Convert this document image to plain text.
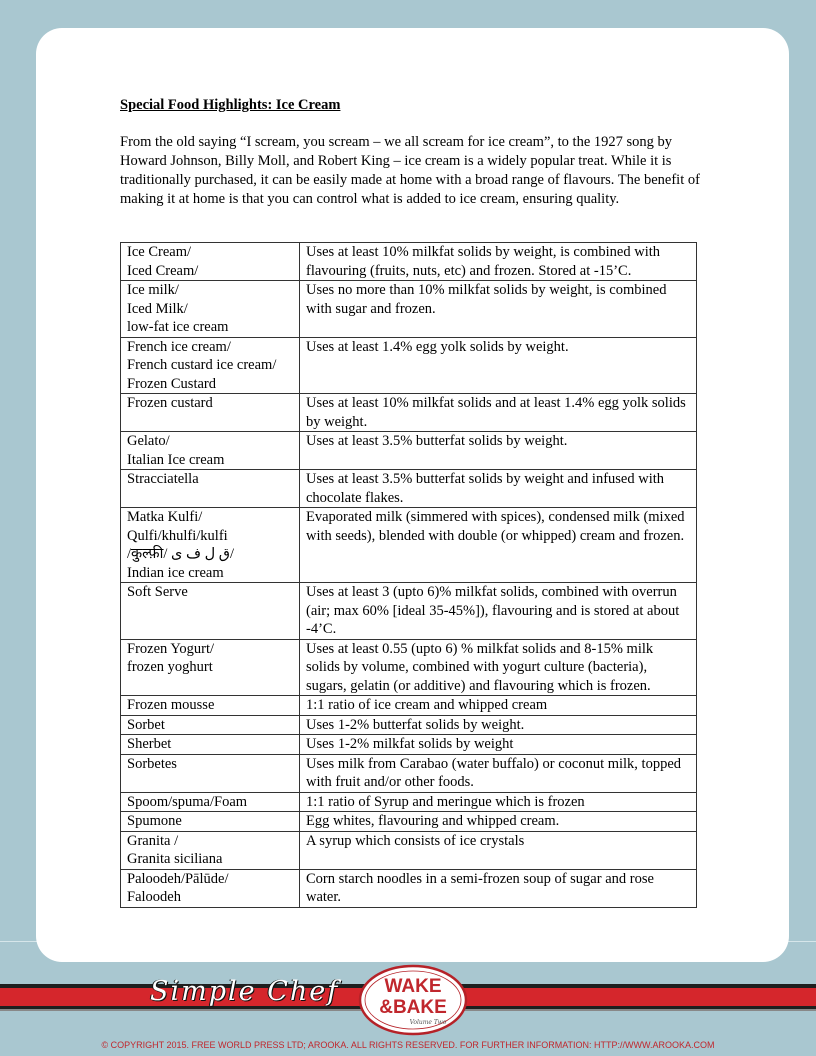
Special Food Highlights: Ice Cream

From the old saying “I scream, you scream – we all scream for ice cream”, to the 1927 song by Howard Johnson, Billy Moll, and Robert King – ice cream is a widely popular treat. While it is traditionally purchased, it can be easily made at home with a broad range of flavours. The benefit of making it at home is that you can control what is added to ice cream, ensuring quality.

Ice Cream/
Iced Cream/	Uses at least 10% milkfat solids by weight, is combined with flavouring (fruits, nuts, etc) and frozen. Stored at -15’C.

Ice milk/
Iced Milk/
low-fat ice cream	Uses no more than 10% milkfat solids by weight, is combined with sugar and frozen.

French ice cream/
French custard ice cream/
Frozen Custard	Uses at least 1.4% egg yolk solids by weight.

Frozen custard	Uses at least 10% milkfat solids and at least 1.4% egg yolk solids by weight.

Gelato/
Italian Ice cream	Uses at least 3.5% butterfat solids by weight.

Stracciatella	Uses at least 3.5% butterfat solids by weight and infused with chocolate flakes.

Matka Kulfi/
Qulfi/khulfi/kulfi
/कुल्फ़ी/ ق ل ف ی/
Indian ice cream	Evaporated milk (simmered with spices), condensed milk (mixed with seeds), blended with double (or whipped) cream and frozen.

Soft Serve	Uses at least 3 (upto 6)% milkfat solids, combined with overrun (air; max 60% [ideal 35-45%]), flavouring and is stored at about -4’C.

Frozen Yogurt/
frozen yoghurt	Uses at least 0.55 (upto 6) % milkfat solids and 8-15% milk solids by volume, combined with yogurt culture (bacteria), sugars, gelatin (or additive) and flavouring which is frozen.

Frozen mousse	1:1 ratio of ice cream and whipped cream

Sorbet	Uses 1-2% butterfat solids by weight.

Sherbet	Uses 1-2% milkfat solids by weight

Sorbetes	Uses milk from Carabao (water buffalo) or coconut milk, topped with fruit and/or other foods.

Spoom/spuma/Foam	1:1 ratio of Syrup and meringue which is frozen

Spumone	Egg whites, flavouring and whipped cream.

Granita /
Granita siciliana	A syrup which consists of ice crystals

Paloodeh/Pālūde/
Faloodeh	Corn starch noodles in a semi-frozen soup of sugar and rose water.
Simple Chef WAKE
&BAKE
Volume Two
© COPYRIGHT 2015. FREE WORLD PRESS LTD; AROOKA. ALL RIGHTS RESERVED. FOR FURTHER INFORMATION: HTTP://WWW.AROOKA.COM
